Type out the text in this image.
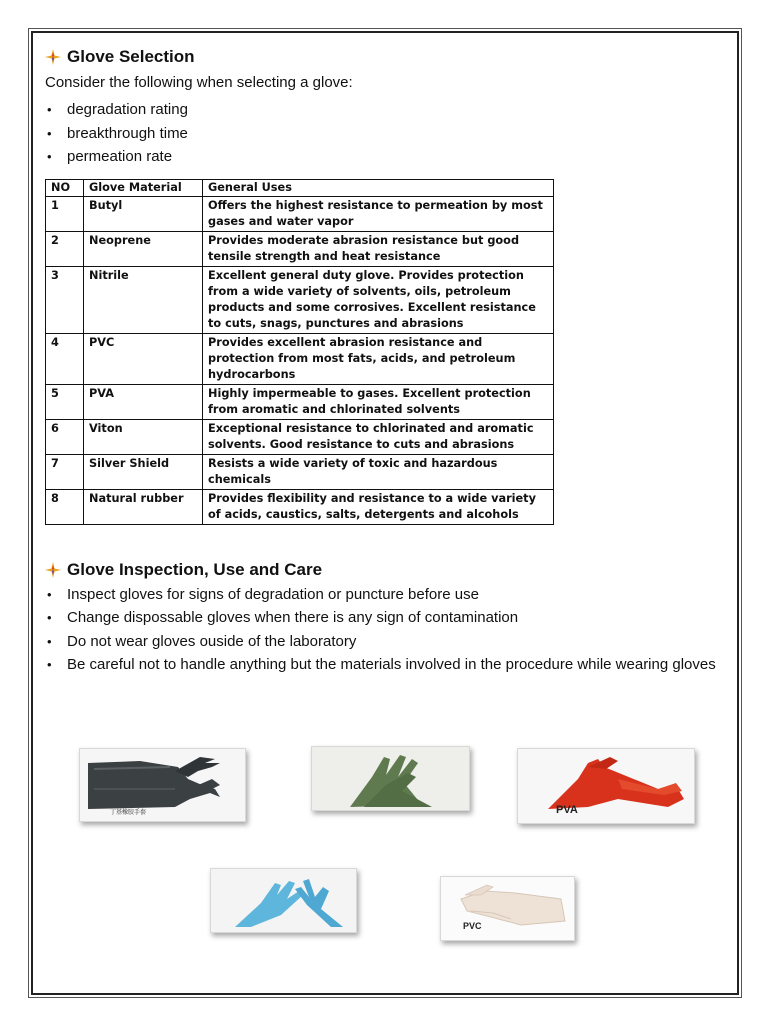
Glove Selection
Consider the following when selecting a glove:
• degradation rating
• breakthrough time
• permeation rate
NO	Glove Material	General Uses
1	Butyl	Offers the highest resistance to permeation by most gases and water vapor
2	Neoprene	Provides moderate abrasion resistance but good tensile strength and heat resistance
3	Nitrile	Excellent general duty glove. Provides protection from a wide variety of solvents, oils, petroleum products and some corrosives. Excellent resistance to cuts, snags, punctures and abrasions
4	PVC	Provides excellent abrasion resistance and protection from most fats, acids, and petroleum hydrocarbons
5	PVA	Highly impermeable to gases. Excellent protection from aromatic and chlorinated solvents
6	Viton	Exceptional resistance to chlorinated and aromatic solvents. Good resistance to cuts and abrasions
7	Silver Shield	Resists a wide variety of toxic and hazardous chemicals
8	Natural rubber	Provides flexibility and resistance to a wide variety of acids, caustics, salts, detergents and alcohols
Glove Inspection, Use and Care
• Inspect gloves for signs of degradation or puncture before use
• Change dispossable gloves when there is any sign of contamination
• Do not wear gloves ouside of the laboratory
• Be careful not to handle anything but the materials involved in the procedure while wearing gloves
丁基橡胶手套	PVA
PVC
